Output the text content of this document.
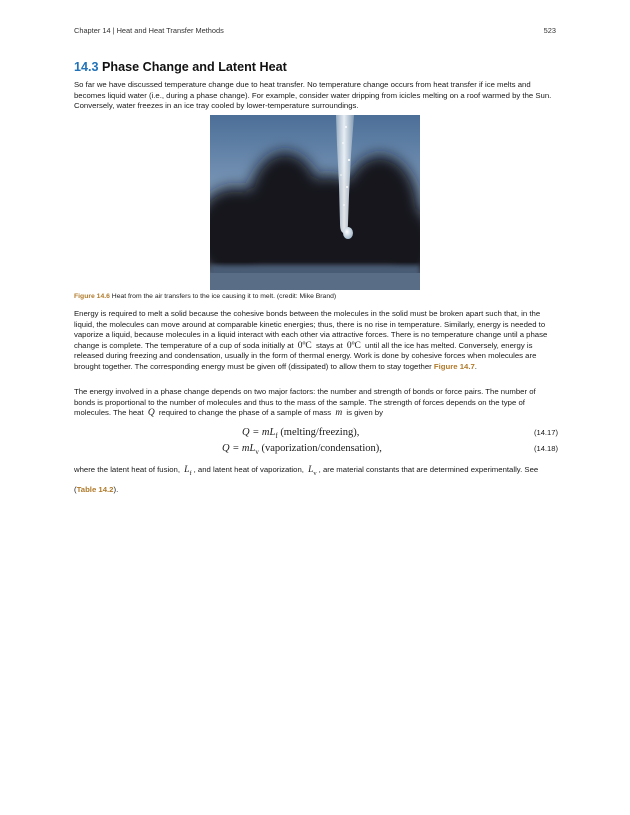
Chapter 14 | Heat and Heat Transfer Methods	523
14.3 Phase Change and Latent Heat

So far we have discussed temperature change due to heat transfer. No temperature change occurs from heat transfer if ice melts and becomes liquid water (i.e., during a phase change). For example, consider water dripping from icicles melting on a roof warmed by the Sun. Conversely, water freezes in an ice tray cooled by lower-temperature surroundings.

Figure 14.6 Heat from the air transfers to the ice causing it to melt. (credit: Mike Brand)

Energy is required to melt a solid because the cohesive bonds between the molecules in the solid must be broken apart such that, in the liquid, the molecules can move around at comparable kinetic energies; thus, there is no rise in temperature. Similarly, energy is needed to vaporize a liquid, because molecules in a liquid interact with each other via attractive forces. There is no temperature change until a phase change is complete. The temperature of a cup of soda initially at 0ºC stays at 0ºC until all the ice has melted. Conversely, energy is released during freezing and condensation, usually in the form of thermal energy. Work is done by cohesive forces when molecules are brought together. The corresponding energy must be given off (dissipated) to allow them to stay together Figure 14.7.

The energy involved in a phase change depends on two major factors: the number and strength of bonds or force pairs. The number of bonds is proportional to the number of molecules and thus to the mass of the sample. The strength of forces depends on the type of molecules. The heat Q required to change the phase of a sample of mass m is given by

$Q = mL_f$ (melting/freezing),	(14.17)
$Q = mL_v$ (vaporization/condensation),	(14.18)

where the latent heat of fusion, $L_f$ , and latent heat of vaporization, $L_v$ , are material constants that are determined experimentally. See (Table 14.2).
